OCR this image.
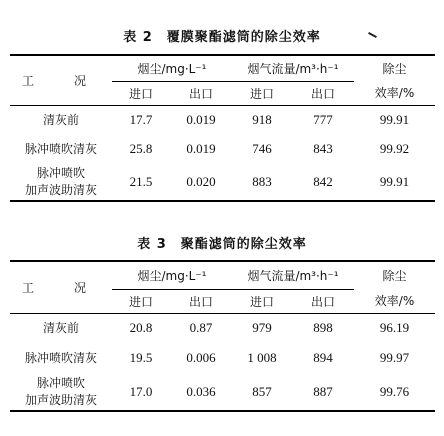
表 2　覆膜聚酯滤筒的除尘效率
工　况	烟尘/mg·L⁻¹		烟气流量/m³·h⁻¹		除尘
	进口	出口	进口	出口	效率/%
清灰前	17.7	0.019	918	777	99.91
脉冲喷吹清灰	25.8	0.019	746	843	99.92

脉冲喷吹
加声波助清灰	21.5	0.020	883	842	99.91
表 3　聚酯滤筒的除尘效率
工　况	烟尘/mg·L⁻¹		烟气流量/m³·h⁻¹		除尘
	进口	出口	进口	出口	效率/%
清灰前	20.8	0.87	979	898	96.19
脉冲喷吹清灰	19.5	0.006	1 008	894	99.97

脉冲喷吹
加声波助清灰	17.0	0.036	857	887	99.76
